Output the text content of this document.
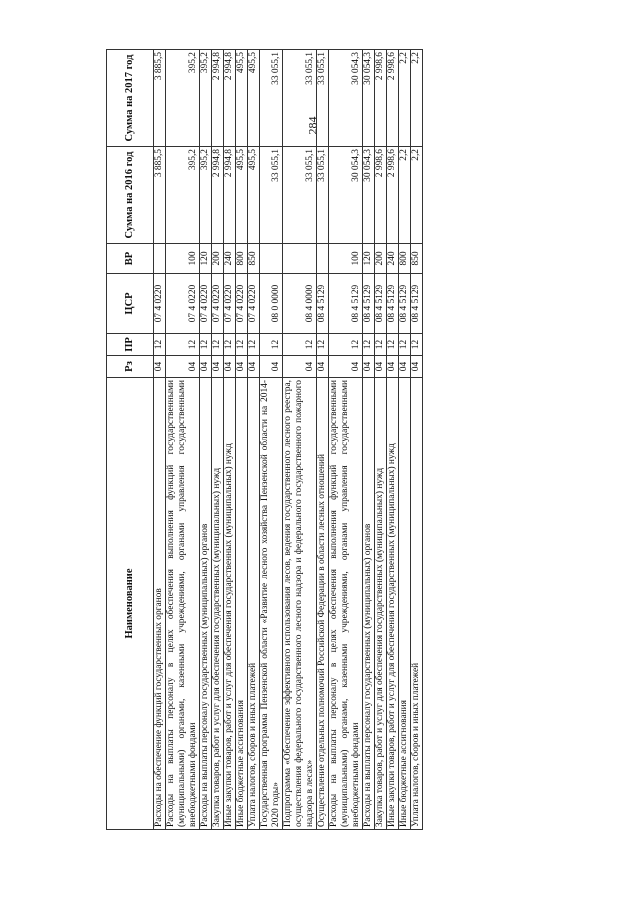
284
Наименование	Рз	ПР	ЦСР	ВР	Сумма на 2016 год	Сумма на 2017 год
Расходы на обеспечение функций государственных органов	04	12	07 4 0220		3 885,5	3 885,5
Расходы на выплаты персоналу в целях обеспечения выполнения функций государственными (муниципальными) органами, казенными учреждениями, органами управления государственными внебюджетными фондами	04	12	07 4 0220	100	395,2	395,2
Расходы на выплаты персоналу государственных (муниципальных) органов	04	12	07 4 0220	120	395,2	395,2
Закупка товаров, работ и услуг для обеспечения государственных (муниципальных) нужд	04	12	07 4 0220	200	2 994,8	2 994,8
Иные закупки товаров, работ и услуг для обеспечения государственных (муниципальных) нужд	04	12	07 4 0220	240	2 994,8	2 994,8
Иные бюджетные ассигнования	04	12	07 4 0220	800	495,5	495,5
Уплата налогов, сборов и иных платежей	04	12	07 4 0220	850	495,5	495,5
Государственная программа Пензенской области «Развитие лесного хозяйства Пензенской области на 2014-2020 годы»	04	12	08 0 0000		33 055,1	33 055,1
Подпрограмма «Обеспечение эффективного использования лесов, ведения государственного лесного реестра, осуществления федерального государственного лесного надзора и федерального государственного пожарного надзора в лесах»	04	12	08 4 0000		33 055,1	33 055,1
Осуществление отдельных полномочий Российской Федерации в области лесных отношений	04	12	08 4 5129		33 055,1	33 055,1
Расходы на выплаты персоналу в целях обеспечения выполнения функций государственными (муниципальными) органами, казенными учреждениями, органами управления государственными внебюджетными фондами	04	12	08 4 5129	100	30 054,3	30 054,3
Расходы на выплаты персоналу государственных (муниципальных) органов	04	12	08 4 5129	120	30 054,3	30 054,3
Закупка товаров, работ и услуг для обеспечения государственных (муниципальных) нужд	04	12	08 4 5129	200	2 998,6	2 998,6
Иные закупки товаров, работ и услуг для обеспечения государственных (муниципальных) нужд	04	12	08 4 5129	240	2 998,6	2 998,6
Иные бюджетные ассигнования	04	12	08 4 5129	800	2,2	2,2
Уплата налогов, сборов и иных платежей	04	12	08 4 5129	850	2,2	2,2
